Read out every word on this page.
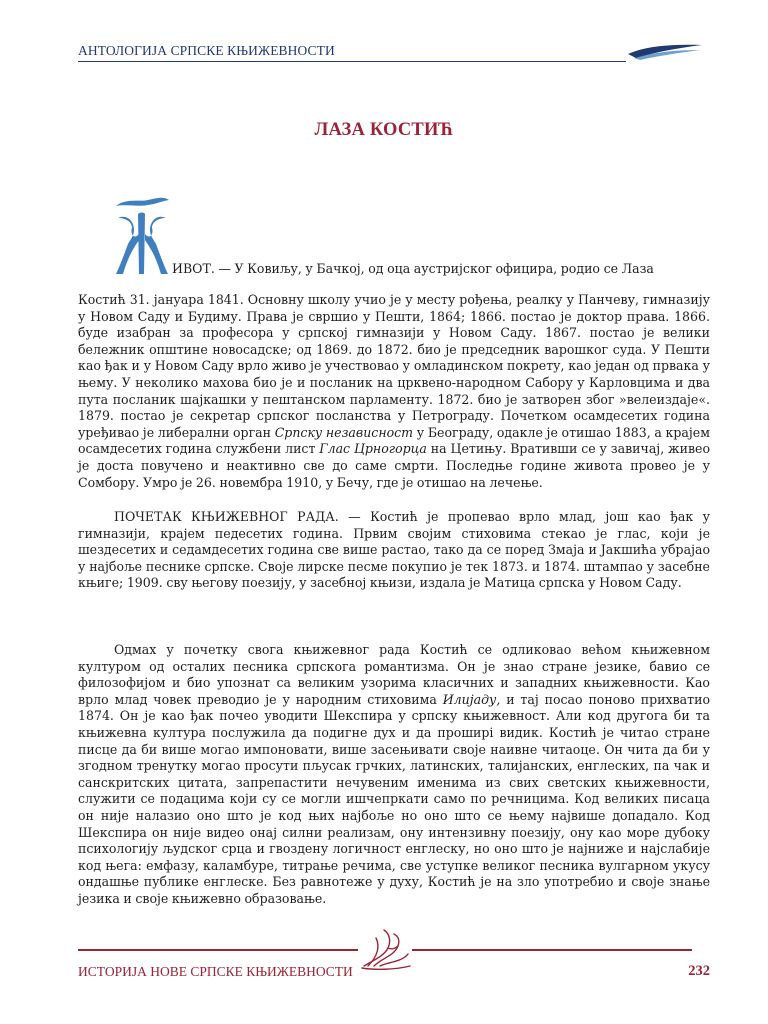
АНТОЛОГИЈА СРПСКЕ КЊИЖЕВНОСТИ
ЛАЗА КОСТИЋ
ИВОТ. — У Ковиљу, у Бачкој, од оца аустријског официра, родио се Лаза

Костић 31. јануара 1841. Основну школу учио је у месту рођења, реалку у Панчеву, гимназију у Новом Саду и Будиму. Права је свршио у Пешти, 1864; 1866. постао је доктор права. 1866. буде изабран за професора у српској гимназији у Новом Саду. 1867. постао је велики бележник општине новосадске; од 1869. до 1872. био је председник варошког суда. У Пешти као ђак и у Новом Саду врло живо је учествовао у омладинском покрету, као један од првака у њему. У неколико махова био је и посланик на црквено-народном Сабору у Карловцима и два пута посланик шајкашки у пештанском парламенту. 1872. био је затворен због »велеиздаје«. 1879. постао је секретар српског посланства у Петрограду. Почетком осамдесетих година уређивао је либерални орган Српску независност у Београду, одакле је отишао 1883, а крајем осамдесетих година службени лист Глас Црногорца на Цетињу. Вративши се у завичај, живео је доста повучено и неактивно све до саме смрти. Последње године живота провео је у Сомбору. Умро је 26. новембра 1910, у Бечу, где је отишао на лечење.

ПОЧЕТАК КЊИЖЕВНОГ РАДА. — Костић је пропевао врло млад, још као ђак у гимназији, крајем педесетих година. Првим својим стиховима стекао је глас, који је шездесетих и седамдесетих година све више растао, тако да се поред Змаја и Јакшића убрајао у најбоље песнике српске. Своје лирске песме покупио је тек 1873. и 1874. штампао у засебне књиге; 1909. сву његову поезију, у засебној књизи, издала је Матица српска у Новом Саду.

Одмах у почетку свога књижевног рада Костић се одликовао већом књижевном културом од осталих песника српскога романтизма. Он је знао стране језике, бавио се филозофијом и био упознат са великим узорима класичних и западних књижевности. Као врло млад човек преводио је у народним стиховима Илијаду, и тај посао поново прихватио 1874. Он је као ђак почео уводити Шекспира у српску књижевност. Али код другога би та књижевна култура послужила да подигне дух и да проширі видик. Костић је читао стране писце да би више могао импоновати, више засењивати своје наивне читаоце. Он чита да би у згодном тренутку могао просути пљусак грчких, латинских, талијанских, енглеских, па чак и санскритских цитата, запрепастити нечувеним именима из свих светских књижевности, служити се подацима који су се могли ишчепркати само по речницима. Код великих писаца он није налазио оно што је код њих најбоље но оно што се њему највише допадало. Код Шекспира он није видео онај силни реализам, ону интензивну поезију, ону као море дубоку психологију људског срца и гвоздену логичност енглеску, но оно што је најниже и најслабије код њега: емфазу, каламбуре, титрање речима, све уступке великог песника вулгарном укусу ондашње публике енглеске. Без равнотеже у духу, Костић је на зло употребио и своје знање језика и своје књижевно образовање.

ИСТОРИЈА НОВЕ СРПСКЕ КЊИЖЕВНОСТИ	232
